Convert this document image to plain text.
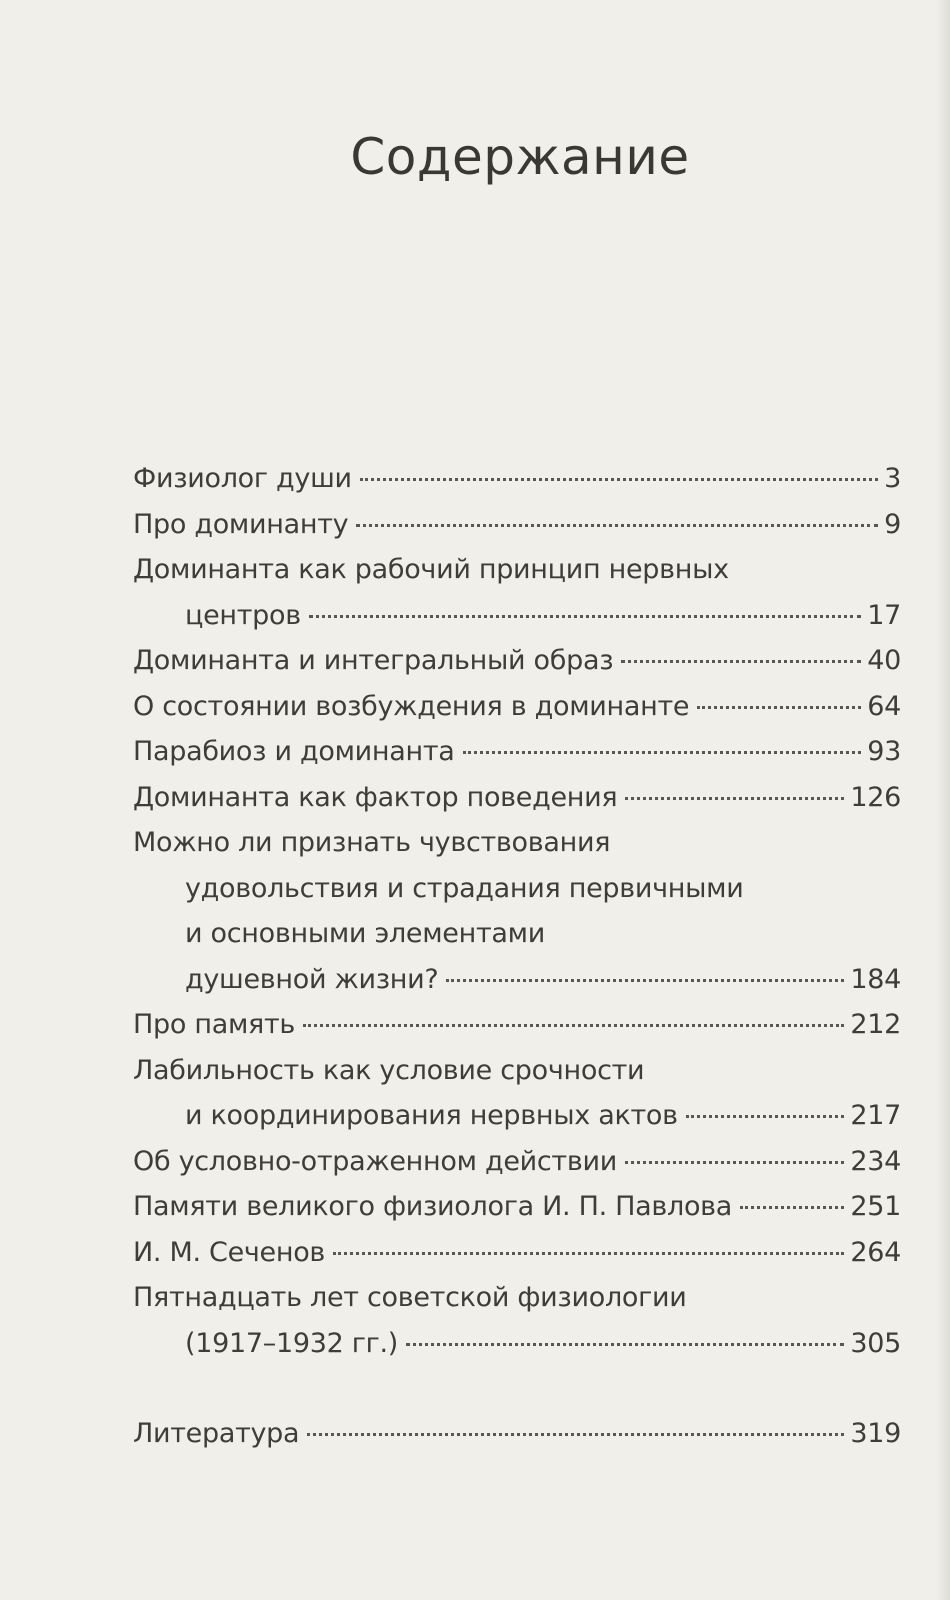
Содержание
Физиолог души	3
Про доминанту	9
Доминанта как рабочий принцип нервных
центров	17
Доминанта и интегральный образ	40
О состоянии возбуждения в доминанте	64
Парабиоз и доминанта	93
Доминанта как фактор поведения	126
Можно ли признать чувствования
удовольствия и страдания первичными
и основными элементами
душевной жизни?	184
Про память	212
Лабильность как условие срочности
и координирования нервных актов	217
Об условно-отраженном действии	234
Памяти великого физиолога И. П. Павлова	251
И. М. Сеченов	264
Пятнадцать лет советской физиологии
(1917–1932 гг.)	305
Литература	319
